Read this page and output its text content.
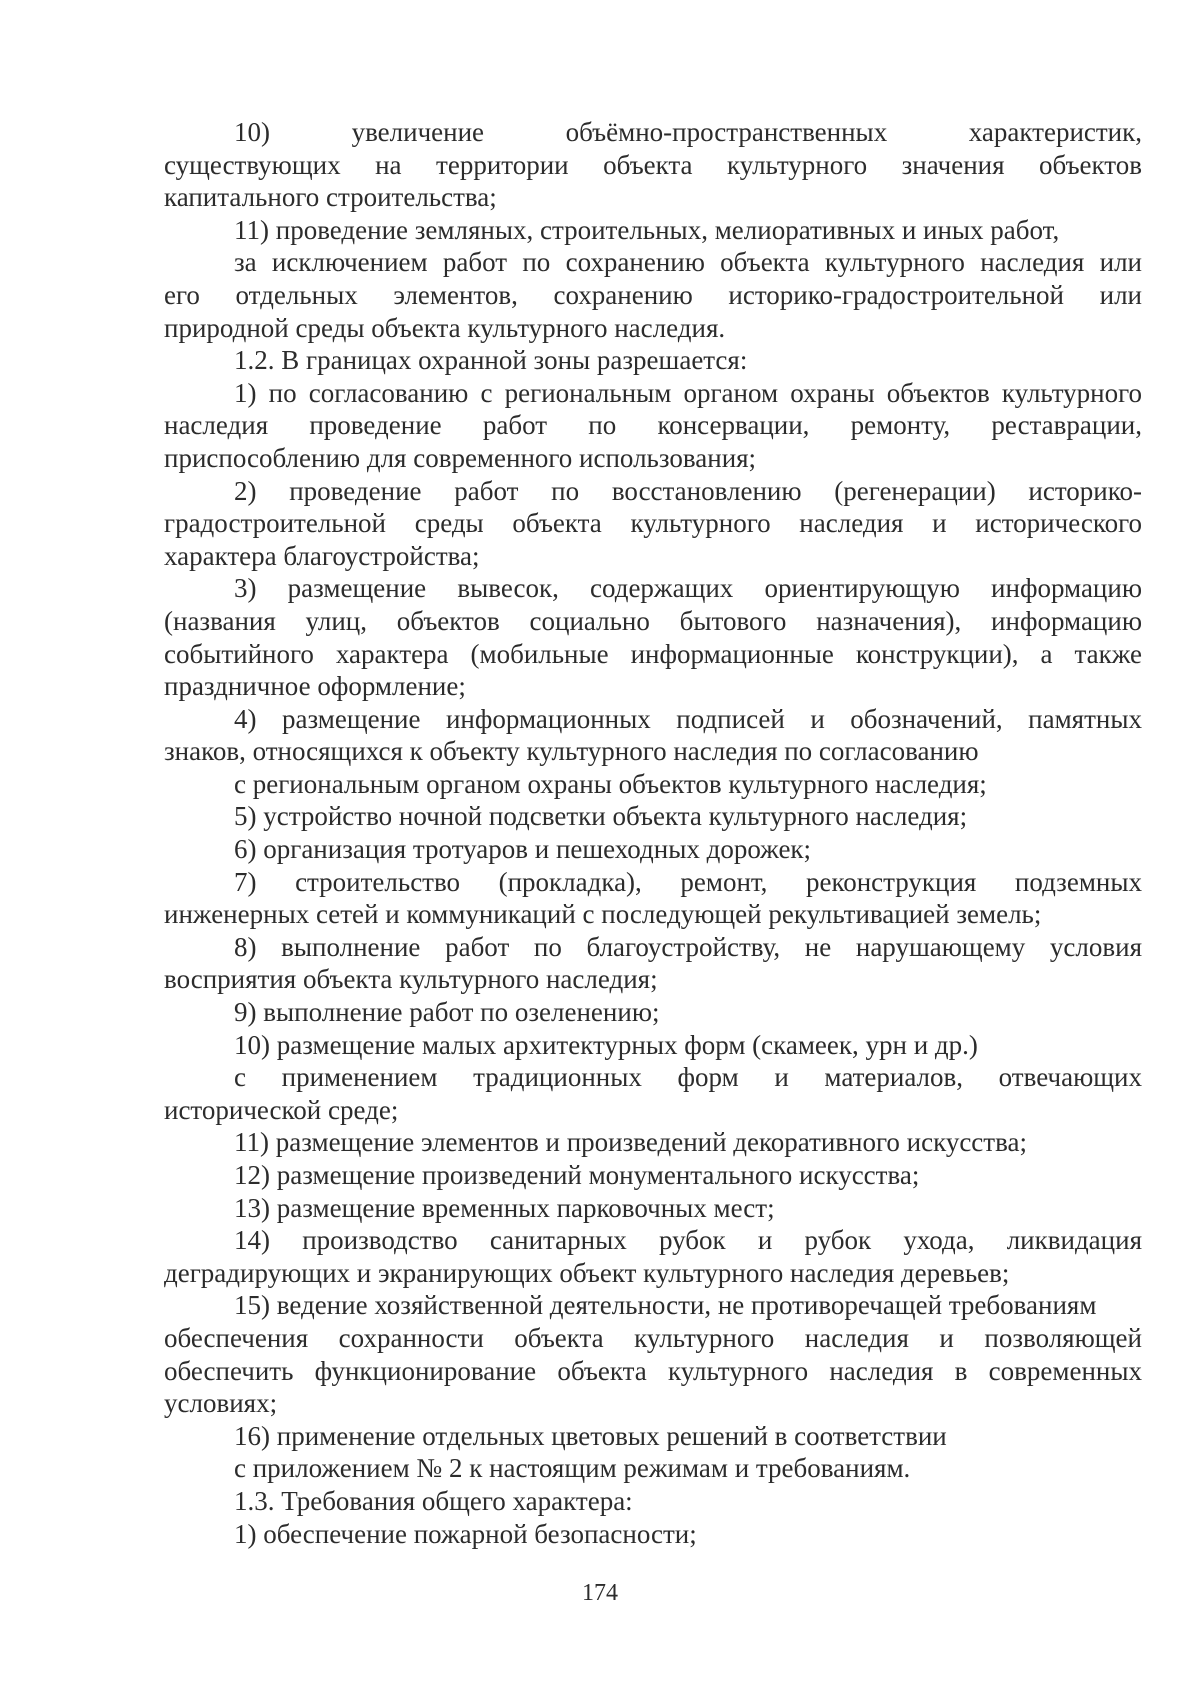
10) увеличение объёмно-пространственных характеристик,
существующих на территории объекта культурного значения объектов
капитального строительства;
11) проведение земляных, строительных, мелиоративных и иных работ,
за исключением работ по сохранению объекта культурного наследия или
его отдельных элементов, сохранению историко-градостроительной или
природной среды объекта культурного наследия.
1.2. В границах охранной зоны разрешается:
1) по согласованию с региональным органом охраны объектов культурного
наследия проведение работ по консервации, ремонту, реставрации,
приспособлению для современного использования;
2) проведение работ по восстановлению (регенерации) историко-
градостроительной среды объекта культурного наследия и исторического
характера благоустройства;
3) размещение вывесок, содержащих ориентирующую информацию
(названия улиц, объектов социально бытового назначения), информацию
событийного характера (мобильные информационные конструкции), а также
праздничное оформление;
4) размещение информационных подписей и обозначений, памятных
знаков, относящихся к объекту культурного наследия по согласованию
с региональным органом охраны объектов культурного наследия;
5) устройство ночной подсветки объекта культурного наследия;
6) организация тротуаров и пешеходных дорожек;
7) строительство (прокладка), ремонт, реконструкция подземных
инженерных сетей и коммуникаций с последующей рекультивацией земель;
8) выполнение работ по благоустройству, не нарушающему условия
восприятия объекта культурного наследия;
9) выполнение работ по озеленению;
10) размещение малых архитектурных форм (скамеек, урн и др.)
с применением традиционных форм и материалов, отвечающих
исторической среде;
11) размещение элементов и произведений декоративного искусства;
12) размещение произведений монументального искусства;
13) размещение временных парковочных мест;
14) производство санитарных рубок и рубок ухода, ликвидация
деградирующих и экранирующих объект культурного наследия деревьев;
15) ведение хозяйственной деятельности, не противоречащей требованиям
обеспечения сохранности объекта культурного наследия и позволяющей
обеспечить функционирование объекта культурного наследия в современных
условиях;
16) применение отдельных цветовых решений в соответствии
с приложением № 2 к настоящим режимам и требованиям.
1.3. Требования общего характера:
1) обеспечение пожарной безопасности;
174
